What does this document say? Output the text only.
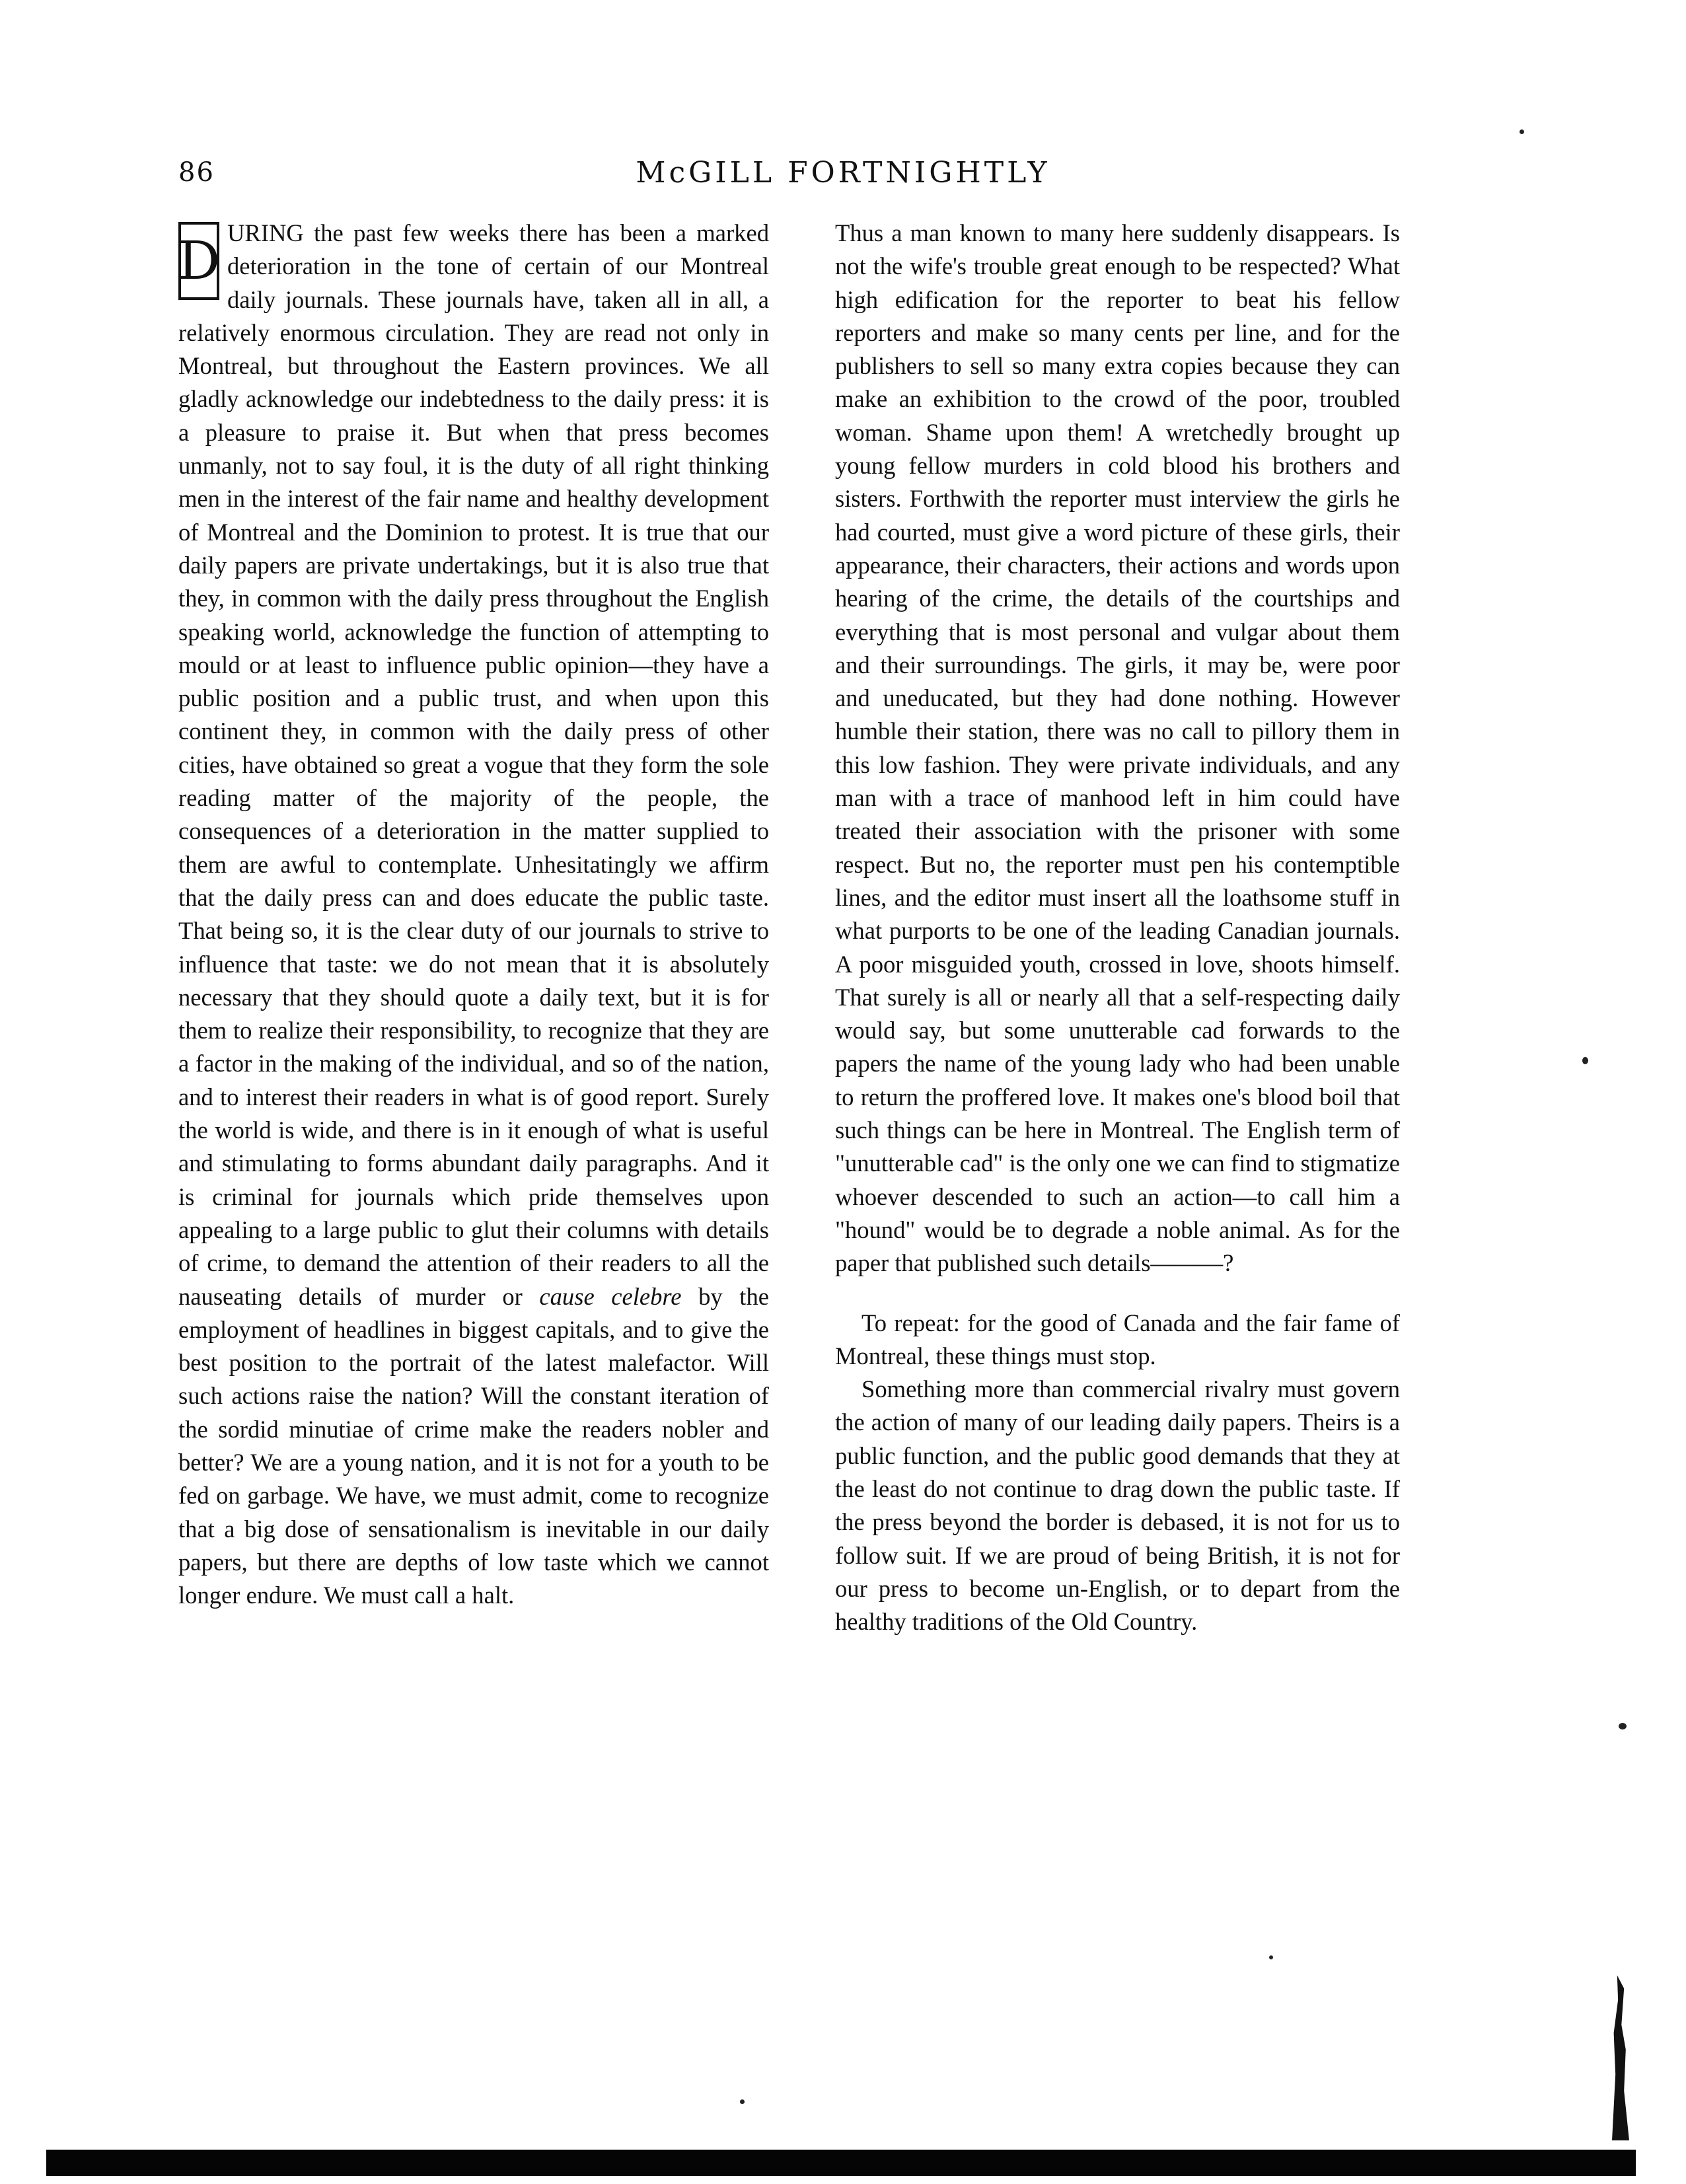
86	McGILL FORTNIGHTLY

D URING the past few weeks there has been a marked deterioration in the tone of certain of our Montreal daily journals. These journals have, taken all in all, a relatively enormous circulation. They are read not only in Montreal, but throughout the Eastern provinces. We all gladly acknowledge our indebtedness to the daily press: it is a pleasure to praise it. But when that press becomes unmanly, not to say foul, it is the duty of all right thinking men in the interest of the fair name and healthy development of Montreal and the Dominion to protest. It is true that our daily papers are private undertakings, but it is also true that they, in common with the daily press throughout the English speaking world, acknowledge the function of attempting to mould or at least to influence public opinion—they have a public position and a public trust, and when upon this continent they, in common with the daily press of other cities, have obtained so great a vogue that they form the sole reading matter of the majority of the people, the consequences of a deterioration in the matter supplied to them are awful to contemplate. Unhesitatingly we affirm that the daily press can and does educate the public taste. That being so, it is the clear duty of our journals to strive to influence that taste: we do not mean that it is absolutely necessary that they should quote a daily text, but it is for them to realize their responsibility, to recognize that they are a factor in the making of the individual, and so of the nation, and to interest their readers in what is of good report. Surely the world is wide, and there is in it enough of what is useful and stimulating to forms abundant daily paragraphs. And it is criminal for journals which pride themselves upon appealing to a large public to glut their columns with details of crime, to demand the attention of their readers to all the nauseating details of murder or cause celebre by the employment of headlines in biggest capitals, and to give the best position to the portrait of the latest malefactor. Will such actions raise the nation? Will the constant iteration of the sordid minutiae of crime make the readers nobler and better? We are a young nation, and it is not for a youth to be fed on garbage. We have, we must admit, come to recognize that a big dose of sensationalism is inevitable in our daily papers, but there are depths of low taste which we cannot longer endure. We must call a halt.

Thus a man known to many here suddenly disappears. Is not the wife's trouble great enough to be respected? What high edification for the reporter to beat his fellow reporters and make so many cents per line, and for the publishers to sell so many extra copies because they can make an exhibition to the crowd of the poor, troubled woman. Shame upon them! A wretchedly brought up young fellow murders in cold blood his brothers and sisters. Forthwith the reporter must interview the girls he had courted, must give a word picture of these girls, their appearance, their characters, their actions and words upon hearing of the crime, the details of the courtships and everything that is most personal and vulgar about them and their surroundings. The girls, it may be, were poor and uneducated, but they had done nothing. However humble their station, there was no call to pillory them in this low fashion. They were private individuals, and any man with a trace of manhood left in him could have treated their association with the prisoner with some respect. But no, the reporter must pen his contemptible lines, and the editor must insert all the loathsome stuff in what purports to be one of the leading Canadian journals. A poor misguided youth, crossed in love, shoots himself. That surely is all or nearly all that a self-respecting daily would say, but some unutterable cad forwards to the papers the name of the young lady who had been unable to return the proffered love. It makes one's blood boil that such things can be here in Montreal. The English term of "unutterable cad" is the only one we can find to stigmatize whoever descended to such an action—to call him a "hound" would be to degrade a noble animal. As for the paper that published such details———?

To repeat: for the good of Canada and the fair fame of Montreal, these things must stop.

Something more than commercial rivalry must govern the action of many of our leading daily papers. Theirs is a public function, and the public good demands that they at the least do not continue to drag down the public taste. If the press beyond the border is debased, it is not for us to follow suit. If we are proud of being British, it is not for our press to become un-English, or to depart from the healthy traditions of the Old Country.
